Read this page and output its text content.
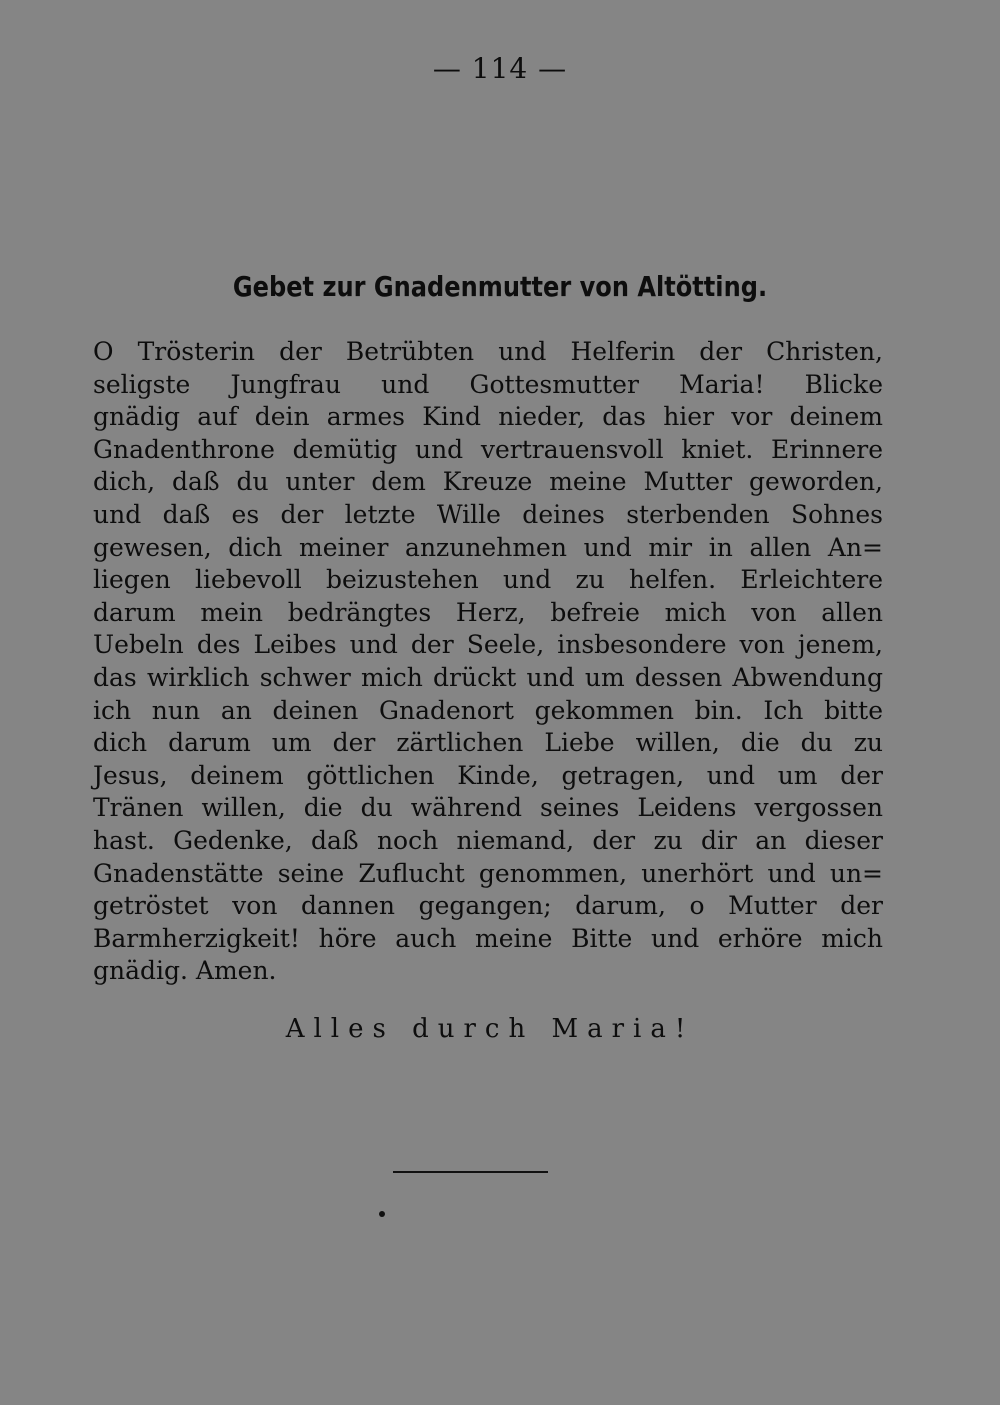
— 114 —
Gebet zur Gnadenmutter von Altötting.
O Trösterin der Betrübten und Helferin der Christen,
seligste Jungfrau und Gottesmutter Maria! Blicke
gnädig auf dein armes Kind nieder, das hier vor deinem
Gnadenthrone demütig und vertrauensvoll kniet. Erinnere
dich, daß du unter dem Kreuze meine Mutter geworden,
und daß es der letzte Wille deines sterbenden Sohnes
gewesen, dich meiner anzunehmen und mir in allen An=
liegen liebevoll beizustehen und zu helfen. Erleichtere
darum mein bedrängtes Herz, befreie mich von allen
Uebeln des Leibes und der Seele, insbesondere von jenem,
das wirklich schwer mich drückt und um dessen Abwendung
ich nun an deinen Gnadenort gekommen bin. Ich bitte
dich darum um der zärtlichen Liebe willen, die du zu
Jesus, deinem göttlichen Kinde, getragen, und um der
Tränen willen, die du während seines Leidens vergossen
hast. Gedenke, daß noch niemand, der zu dir an dieser
Gnadenstätte seine Zuflucht genommen, unerhört und un=
getröstet von dannen gegangen; darum, o Mutter der
Barmherzigkeit! höre auch meine Bitte und erhöre mich
gnädig. Amen.
Alles durch Maria!
